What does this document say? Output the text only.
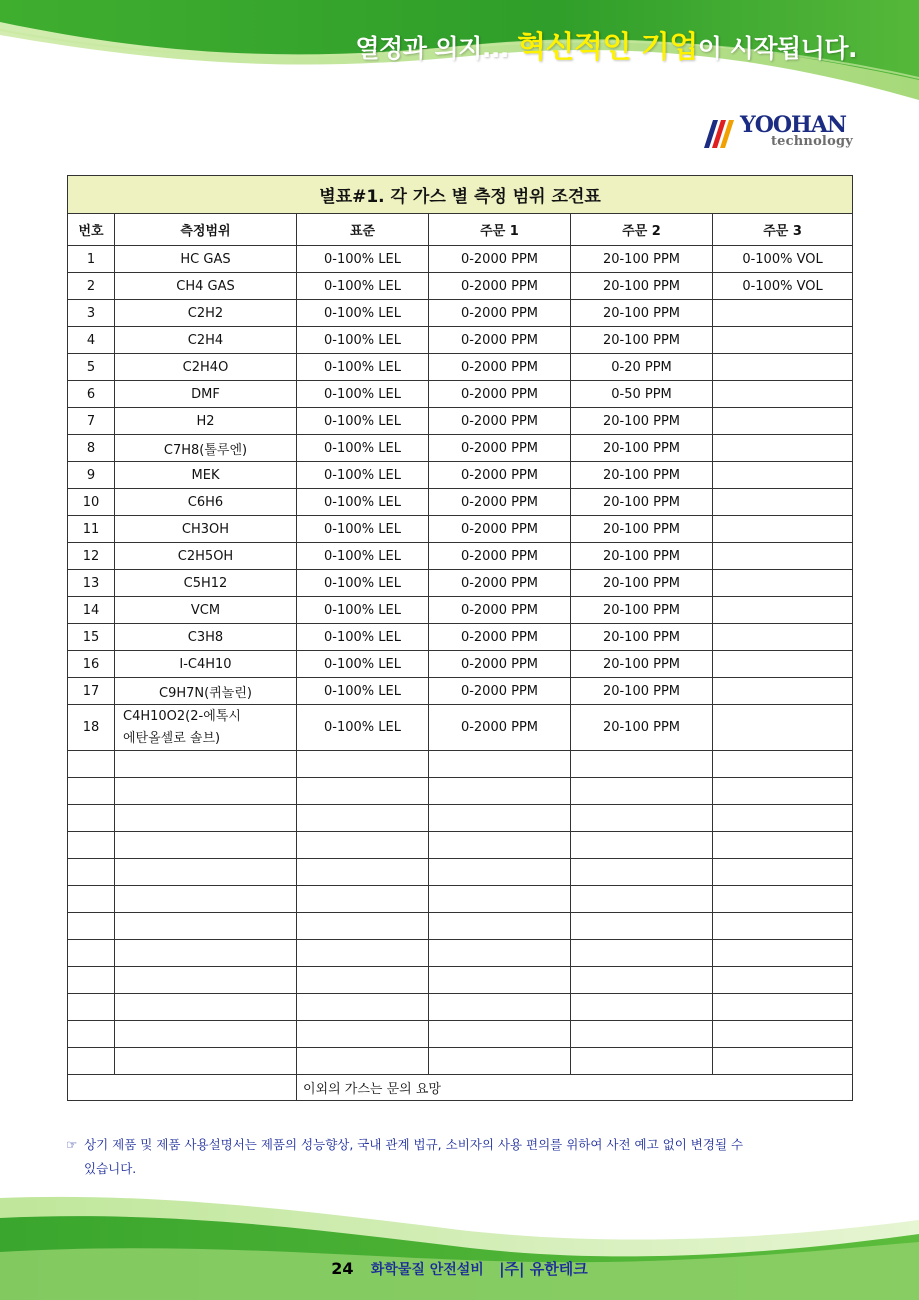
열정과 의지... 혁신적인 기업이 시작됩니다.
YOOHAN
technology
별표#1. 각 가스 별 측정 범위 조견표					
번호	측정범위	표준	주문 1	주문 2	주문 3
1	HC GAS	0-100% LEL	0-2000 PPM	20-100 PPM	0-100% VOL
2	CH4 GAS	0-100% LEL	0-2000 PPM	20-100 PPM	0-100% VOL
3	C2H2	0-100% LEL	0-2000 PPM	20-100 PPM	
4	C2H4	0-100% LEL	0-2000 PPM	20-100 PPM	
5	C2H4O	0-100% LEL	0-2000 PPM	0-20 PPM	
6	DMF	0-100% LEL	0-2000 PPM	0-50 PPM	
7	H2	0-100% LEL	0-2000 PPM	20-100 PPM	
8	C7H8(톨루엔)	0-100% LEL	0-2000 PPM	20-100 PPM	
9	MEK	0-100% LEL	0-2000 PPM	20-100 PPM	
10	C6H6	0-100% LEL	0-2000 PPM	20-100 PPM	
11	CH3OH	0-100% LEL	0-2000 PPM	20-100 PPM	
12	C2H5OH	0-100% LEL	0-2000 PPM	20-100 PPM	
13	C5H12	0-100% LEL	0-2000 PPM	20-100 PPM	
14	VCM	0-100% LEL	0-2000 PPM	20-100 PPM	
15	C3H8	0-100% LEL	0-2000 PPM	20-100 PPM	
16	I-C4H10	0-100% LEL	0-2000 PPM	20-100 PPM	
17	C9H7N(퀴놀린)	0-100% LEL	0-2000 PPM	20-100 PPM	
18	C4H10O2(2-에톡시
에탄올셀로 솔브)	0-100% LEL	0-2000 PPM	20-100 PPM	

		이외의 가스는 문의 요망			
☞ 상기 제품 및 제품 사용설명서는 제품의 성능향상, 국내 관계 법규, 소비자의 사용 편의를 위하여 사전 예고 없이 변경될 수
있습니다.
24 화학물질 안전설비 |주| 유한테크
